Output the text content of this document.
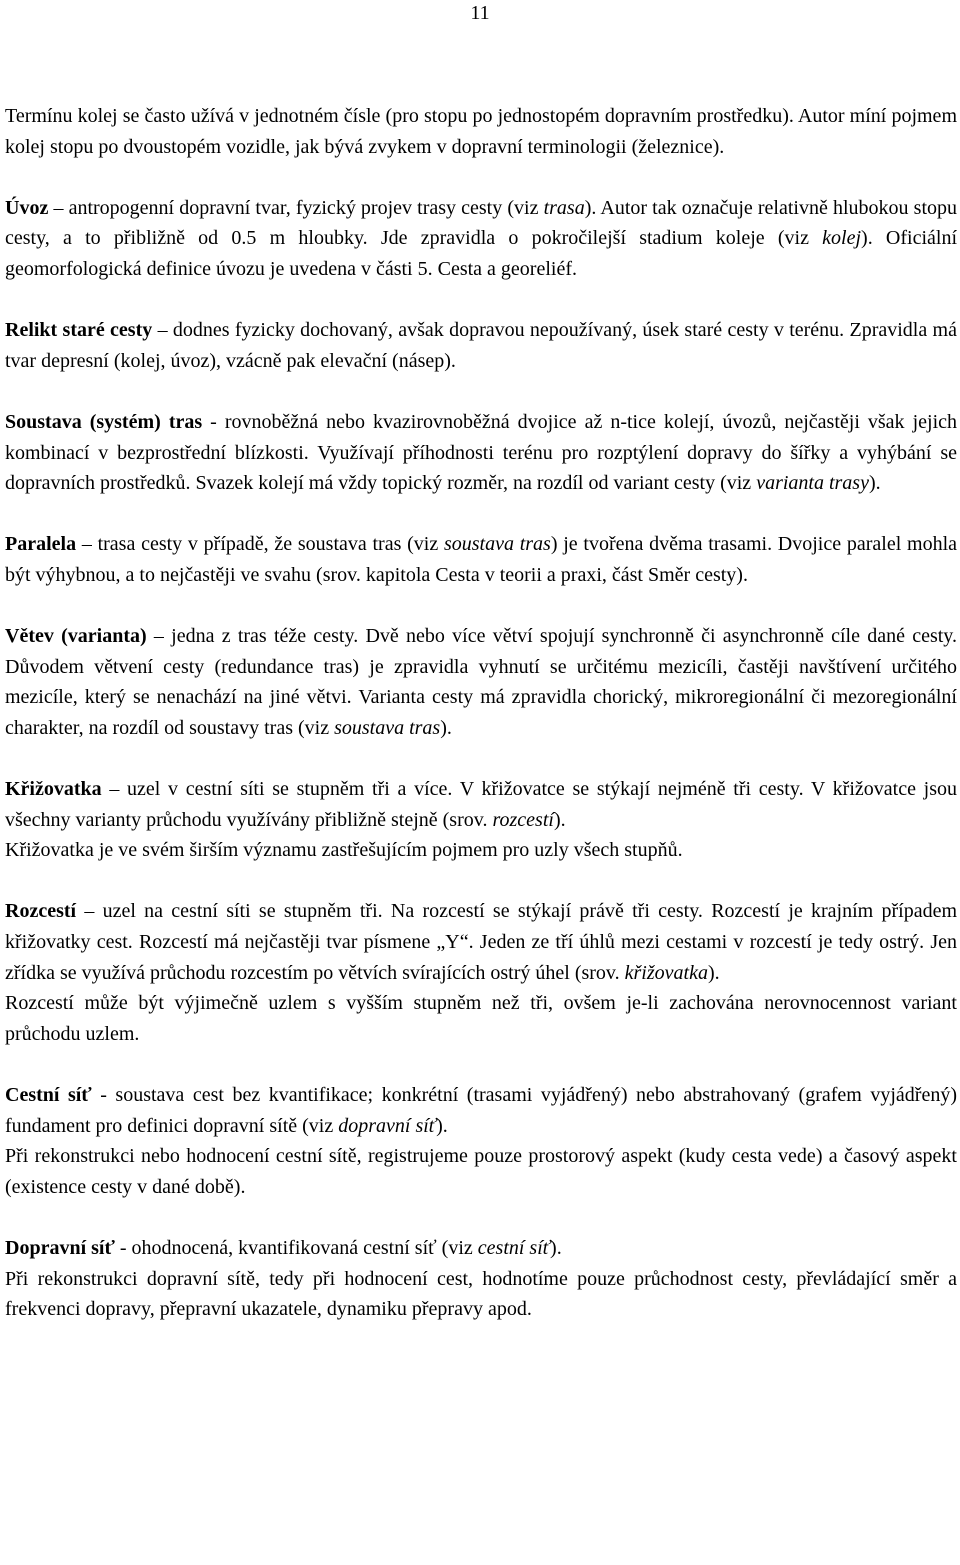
11

Termínu kolej se často užívá v jednotném čísle (pro stopu po jednostopém dopravním prostředku). Autor míní pojmem kolej stopu po dvoustopém vozidle, jak bývá zvykem v dopravní terminologii (železnice).

Úvoz – antropogenní dopravní tvar, fyzický projev trasy cesty (viz trasa). Autor tak označuje relativně hlubokou stopu cesty, a to přibližně od 0.5 m hloubky. Jde zpravidla o pokročilejší stadium koleje (viz kolej). Oficiální geomorfologická definice úvozu je uvedena v části 5. Cesta a georeliéf.

Relikt staré cesty – dodnes fyzicky dochovaný, avšak dopravou nepoužívaný, úsek staré cesty v terénu. Zpravidla má tvar depresní (kolej, úvoz), vzácně pak elevační (násep).

Soustava (systém) tras - rovnoběžná nebo kvazirovnoběžná dvojice až n-tice kolejí, úvozů, nejčastěji však jejich kombinací v bezprostřední blízkosti. Využívají příhodnosti terénu pro rozptýlení dopravy do šířky a vyhýbání se dopravních prostředků. Svazek kolejí má vždy topický rozměr, na rozdíl od variant cesty (viz varianta trasy).

Paralela – trasa cesty v případě, že soustava tras (viz soustava tras) je tvořena dvěma trasami. Dvojice paralel mohla být výhybnou, a to nejčastěji ve svahu (srov. kapitola Cesta v teorii a praxi, část Směr cesty).

Větev (varianta) – jedna z tras téže cesty. Dvě nebo více větví spojují synchronně či asynchronně cíle dané cesty. Důvodem větvení cesty (redundance tras) je zpravidla vyhnutí se určitému mezicíli, častěji navštívení určitého mezicíle, který se nenachází na jiné větvi. Varianta cesty má zpravidla chorický, mikroregionální či mezoregionální charakter, na rozdíl od soustavy tras (viz soustava tras).

Křižovatka – uzel v cestní síti se stupněm tři a více. V křižovatce se stýkají nejméně tři cesty. V křižovatce jsou všechny varianty průchodu využívány přibližně stejně (srov. rozcestí).

Křižovatka je ve svém širším významu zastřešujícím pojmem pro uzly všech stupňů.

Rozcestí – uzel na cestní síti se stupněm tři. Na rozcestí se stýkají právě tři cesty. Rozcestí je krajním případem křižovatky cest. Rozcestí má nejčastěji tvar písmene „Y“. Jeden ze tří úhlů mezi cestami v rozcestí je tedy ostrý. Jen zřídka se využívá průchodu rozcestím po větvích svírajících ostrý úhel (srov. křižovatka).

Rozcestí může být výjimečně uzlem s vyšším stupněm než tři, ovšem je-li zachována nerovnocennost variant průchodu uzlem.

Cestní síť - soustava cest bez kvantifikace; konkrétní (trasami vyjádřený) nebo abstrahovaný (grafem vyjádřený) fundament pro definici dopravní sítě (viz dopravní síť).

Při rekonstrukci nebo hodnocení cestní sítě, registrujeme pouze prostorový aspekt (kudy cesta vede) a časový aspekt (existence cesty v dané době).

Dopravní síť - ohodnocená, kvantifikovaná cestní síť (viz cestní síť).

Při rekonstrukci dopravní sítě, tedy při hodnocení cest, hodnotíme pouze průchodnost cesty, převládající směr a frekvenci dopravy, přepravní ukazatele, dynamiku přepravy apod.
